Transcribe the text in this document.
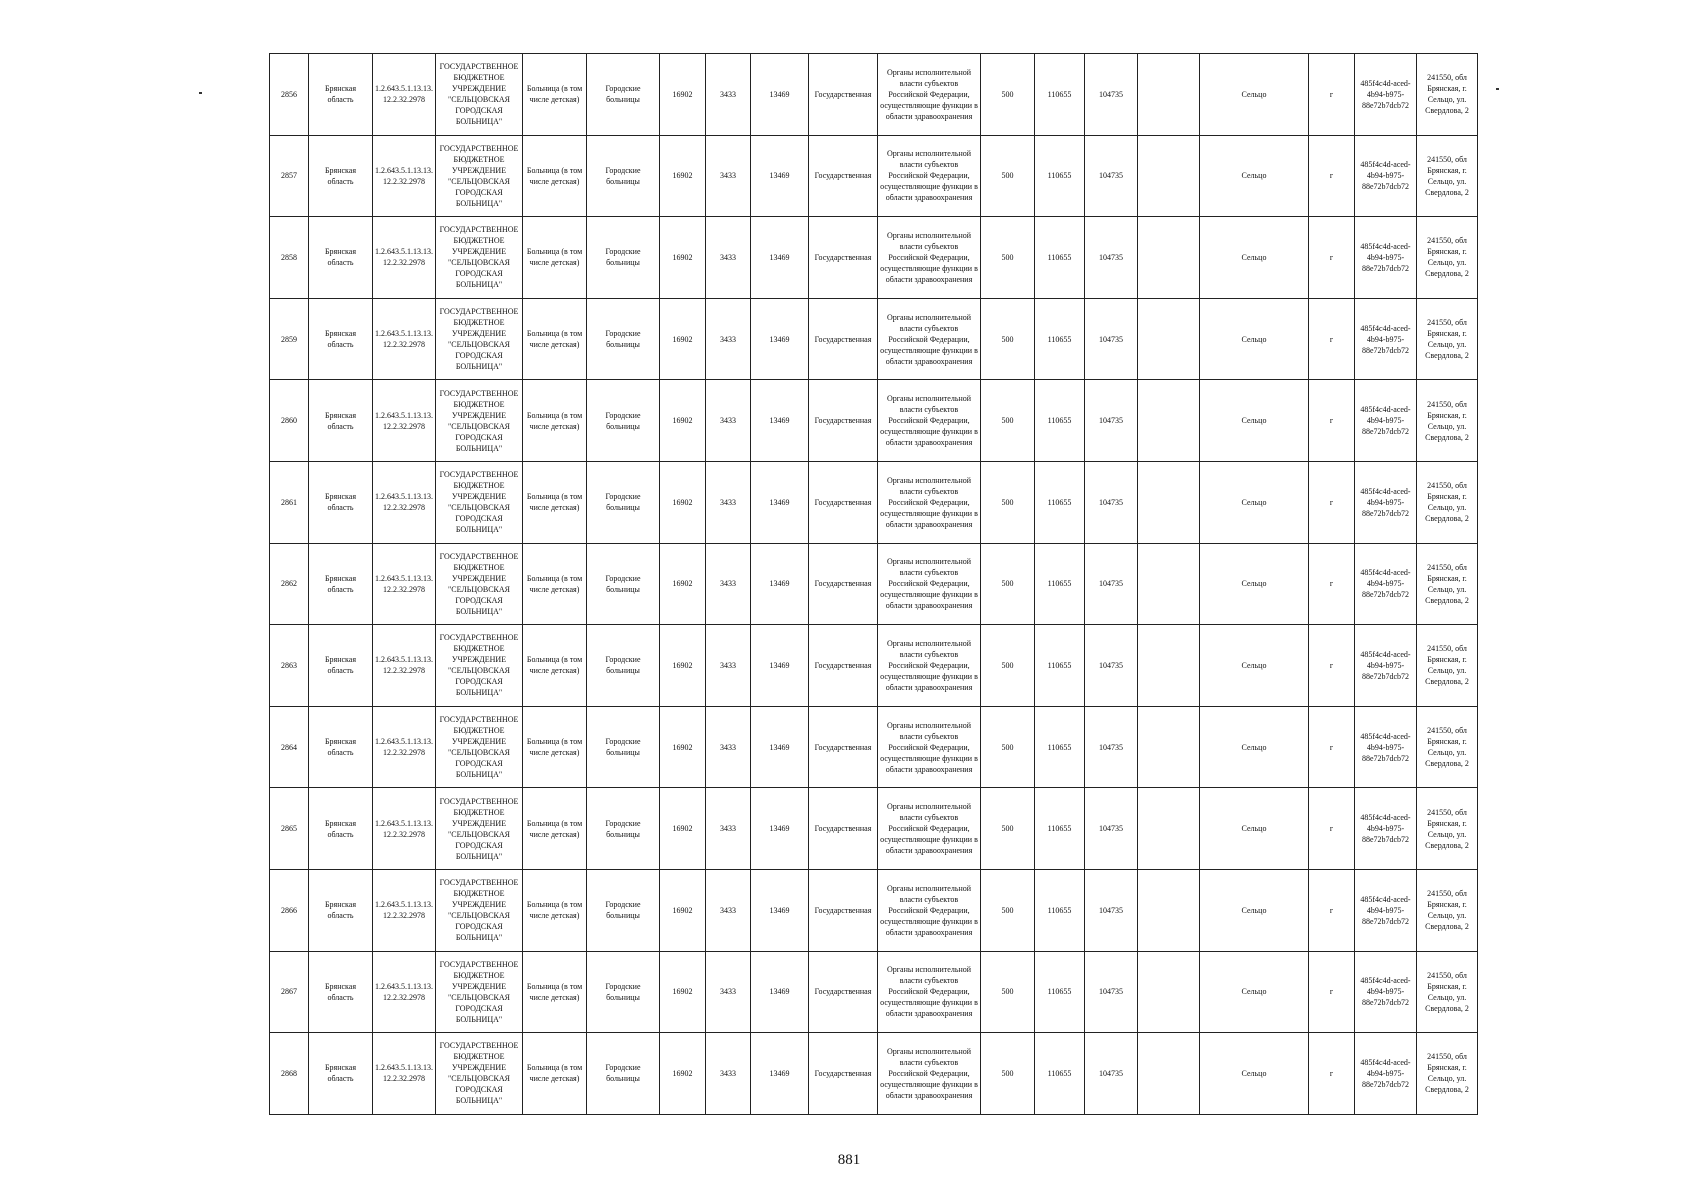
2856	Брянская область	1.2.643.5.1.13.13.12.2.32.2978	ГОСУДАРСТВЕННОЕ БЮДЖЕТНОЕ УЧРЕЖДЕНИЕ "СЕЛЬЦОВСКАЯ ГОРОДСКАЯ БОЛЬНИЦА"	Больница (в том числе детская)	Городские больницы	16902	3433	13469	Государственная	Органы исполнительной власти субъектов Российской Федерации, осуществляющие функции в области здравоохранения	500	110655	104735		Сельцо	г	485f4c4d-aced-4b94-b975-88e72b7dcb72	241550, обл Брянская, г. Сельцо, ул. Свердлова, 2
2857	Брянская область	1.2.643.5.1.13.13.12.2.32.2978	ГОСУДАРСТВЕННОЕ БЮДЖЕТНОЕ УЧРЕЖДЕНИЕ "СЕЛЬЦОВСКАЯ ГОРОДСКАЯ БОЛЬНИЦА"	Больница (в том числе детская)	Городские больницы	16902	3433	13469	Государственная	Органы исполнительной власти субъектов Российской Федерации, осуществляющие функции в области здравоохранения	500	110655	104735		Сельцо	г	485f4c4d-aced-4b94-b975-88e72b7dcb72	241550, обл Брянская, г. Сельцо, ул. Свердлова, 2
2858	Брянская область	1.2.643.5.1.13.13.12.2.32.2978	ГОСУДАРСТВЕННОЕ БЮДЖЕТНОЕ УЧРЕЖДЕНИЕ "СЕЛЬЦОВСКАЯ ГОРОДСКАЯ БОЛЬНИЦА"	Больница (в том числе детская)	Городские больницы	16902	3433	13469	Государственная	Органы исполнительной власти субъектов Российской Федерации, осуществляющие функции в области здравоохранения	500	110655	104735		Сельцо	г	485f4c4d-aced-4b94-b975-88e72b7dcb72	241550, обл Брянская, г. Сельцо, ул. Свердлова, 2
2859	Брянская область	1.2.643.5.1.13.13.12.2.32.2978	ГОСУДАРСТВЕННОЕ БЮДЖЕТНОЕ УЧРЕЖДЕНИЕ "СЕЛЬЦОВСКАЯ ГОРОДСКАЯ БОЛЬНИЦА"	Больница (в том числе детская)	Городские больницы	16902	3433	13469	Государственная	Органы исполнительной власти субъектов Российской Федерации, осуществляющие функции в области здравоохранения	500	110655	104735		Сельцо	г	485f4c4d-aced-4b94-b975-88e72b7dcb72	241550, обл Брянская, г. Сельцо, ул. Свердлова, 2
2860	Брянская область	1.2.643.5.1.13.13.12.2.32.2978	ГОСУДАРСТВЕННОЕ БЮДЖЕТНОЕ УЧРЕЖДЕНИЕ "СЕЛЬЦОВСКАЯ ГОРОДСКАЯ БОЛЬНИЦА"	Больница (в том числе детская)	Городские больницы	16902	3433	13469	Государственная	Органы исполнительной власти субъектов Российской Федерации, осуществляющие функции в области здравоохранения	500	110655	104735		Сельцо	г	485f4c4d-aced-4b94-b975-88e72b7dcb72	241550, обл Брянская, г. Сельцо, ул. Свердлова, 2
2861	Брянская область	1.2.643.5.1.13.13.12.2.32.2978	ГОСУДАРСТВЕННОЕ БЮДЖЕТНОЕ УЧРЕЖДЕНИЕ "СЕЛЬЦОВСКАЯ ГОРОДСКАЯ БОЛЬНИЦА"	Больница (в том числе детская)	Городские больницы	16902	3433	13469	Государственная	Органы исполнительной власти субъектов Российской Федерации, осуществляющие функции в области здравоохранения	500	110655	104735		Сельцо	г	485f4c4d-aced-4b94-b975-88e72b7dcb72	241550, обл Брянская, г. Сельцо, ул. Свердлова, 2
2862	Брянская область	1.2.643.5.1.13.13.12.2.32.2978	ГОСУДАРСТВЕННОЕ БЮДЖЕТНОЕ УЧРЕЖДЕНИЕ "СЕЛЬЦОВСКАЯ ГОРОДСКАЯ БОЛЬНИЦА"	Больница (в том числе детская)	Городские больницы	16902	3433	13469	Государственная	Органы исполнительной власти субъектов Российской Федерации, осуществляющие функции в области здравоохранения	500	110655	104735		Сельцо	г	485f4c4d-aced-4b94-b975-88e72b7dcb72	241550, обл Брянская, г. Сельцо, ул. Свердлова, 2
2863	Брянская область	1.2.643.5.1.13.13.12.2.32.2978	ГОСУДАРСТВЕННОЕ БЮДЖЕТНОЕ УЧРЕЖДЕНИЕ "СЕЛЬЦОВСКАЯ ГОРОДСКАЯ БОЛЬНИЦА"	Больница (в том числе детская)	Городские больницы	16902	3433	13469	Государственная	Органы исполнительной власти субъектов Российской Федерации, осуществляющие функции в области здравоохранения	500	110655	104735		Сельцо	г	485f4c4d-aced-4b94-b975-88e72b7dcb72	241550, обл Брянская, г. Сельцо, ул. Свердлова, 2
2864	Брянская область	1.2.643.5.1.13.13.12.2.32.2978	ГОСУДАРСТВЕННОЕ БЮДЖЕТНОЕ УЧРЕЖДЕНИЕ "СЕЛЬЦОВСКАЯ ГОРОДСКАЯ БОЛЬНИЦА"	Больница (в том числе детская)	Городские больницы	16902	3433	13469	Государственная	Органы исполнительной власти субъектов Российской Федерации, осуществляющие функции в области здравоохранения	500	110655	104735		Сельцо	г	485f4c4d-aced-4b94-b975-88e72b7dcb72	241550, обл Брянская, г. Сельцо, ул. Свердлова, 2
2865	Брянская область	1.2.643.5.1.13.13.12.2.32.2978	ГОСУДАРСТВЕННОЕ БЮДЖЕТНОЕ УЧРЕЖДЕНИЕ "СЕЛЬЦОВСКАЯ ГОРОДСКАЯ БОЛЬНИЦА"	Больница (в том числе детская)	Городские больницы	16902	3433	13469	Государственная	Органы исполнительной власти субъектов Российской Федерации, осуществляющие функции в области здравоохранения	500	110655	104735		Сельцо	г	485f4c4d-aced-4b94-b975-88e72b7dcb72	241550, обл Брянская, г. Сельцо, ул. Свердлова, 2
2866	Брянская область	1.2.643.5.1.13.13.12.2.32.2978	ГОСУДАРСТВЕННОЕ БЮДЖЕТНОЕ УЧРЕЖДЕНИЕ "СЕЛЬЦОВСКАЯ ГОРОДСКАЯ БОЛЬНИЦА"	Больница (в том числе детская)	Городские больницы	16902	3433	13469	Государственная	Органы исполнительной власти субъектов Российской Федерации, осуществляющие функции в области здравоохранения	500	110655	104735		Сельцо	г	485f4c4d-aced-4b94-b975-88e72b7dcb72	241550, обл Брянская, г. Сельцо, ул. Свердлова, 2
2867	Брянская область	1.2.643.5.1.13.13.12.2.32.2978	ГОСУДАРСТВЕННОЕ БЮДЖЕТНОЕ УЧРЕЖДЕНИЕ "СЕЛЬЦОВСКАЯ ГОРОДСКАЯ БОЛЬНИЦА"	Больница (в том числе детская)	Городские больницы	16902	3433	13469	Государственная	Органы исполнительной власти субъектов Российской Федерации, осуществляющие функции в области здравоохранения	500	110655	104735		Сельцо	г	485f4c4d-aced-4b94-b975-88e72b7dcb72	241550, обл Брянская, г. Сельцо, ул. Свердлова, 2
2868	Брянская область	1.2.643.5.1.13.13.12.2.32.2978	ГОСУДАРСТВЕННОЕ БЮДЖЕТНОЕ УЧРЕЖДЕНИЕ "СЕЛЬЦОВСКАЯ ГОРОДСКАЯ БОЛЬНИЦА"	Больница (в том числе детская)	Городские больницы	16902	3433	13469	Государственная	Органы исполнительной власти субъектов Российской Федерации, осуществляющие функции в области здравоохранения	500	110655	104735		Сельцо	г	485f4c4d-aced-4b94-b975-88e72b7dcb72	241550, обл Брянская, г. Сельцо, ул. Свердлова, 2
881
